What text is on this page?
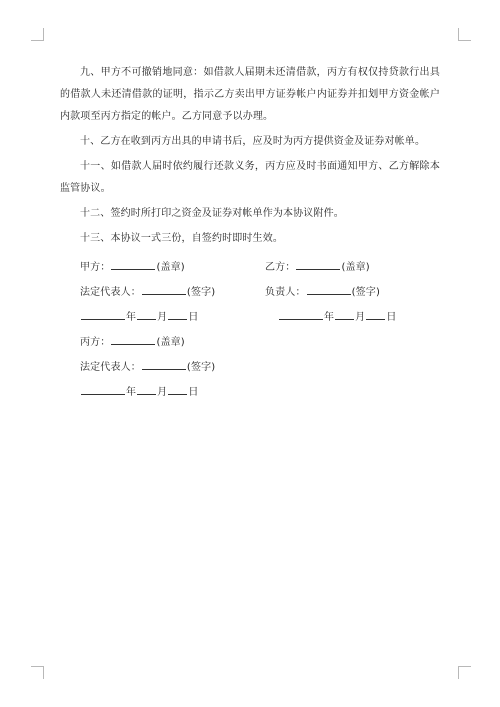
九、甲方不可撤销地同意：如借款人届期未还清借款，丙方有权仅持贷款行出具的借款人未还清借款的证明，指示乙方卖出甲方证券帐户内证券并扣划甲方资金帐户内款项至丙方指定的帐户。乙方同意予以办理。

十、乙方在收到丙方出具的申请书后，应及时为丙方提供资金及证券对帐单。

十一、如借款人届时依约履行还款义务，丙方应及时书面通知甲方、乙方解除本监管协议。

十二、签约时所打印之资金及证券对帐单作为本协议附件。

十三、本协议一式三份，自签约时即时生效。

甲方：	(盖章)	乙方：	(盖章)
法定代表人：	(签字)	负责人：	(签字)
年 月 日	年 月 日
丙方：	(盖章)
法定代表人：	(签字)
年 月 日
